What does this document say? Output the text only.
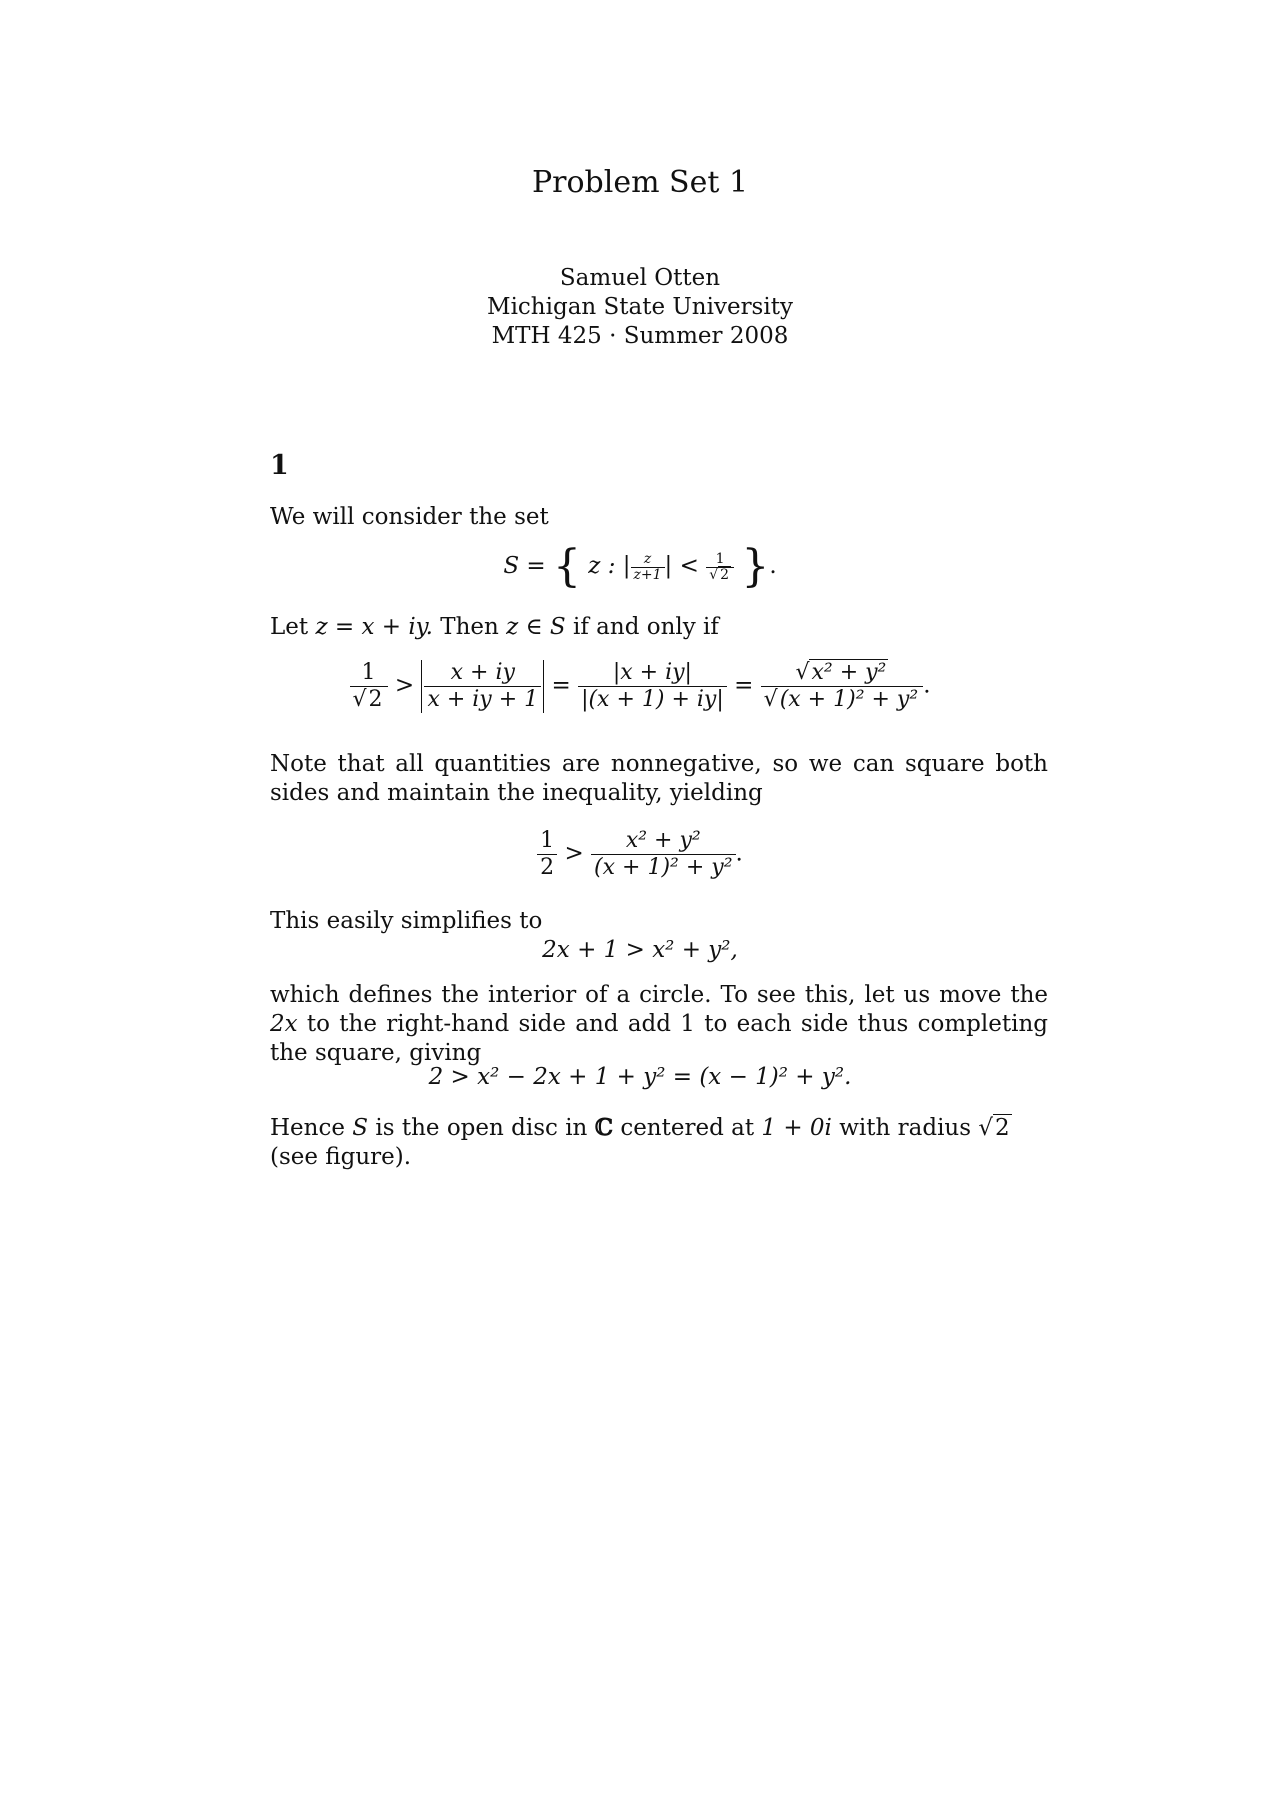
Problem Set 1
Samuel Otten
Michigan State University
MTH 425 · Summer 2008
1
We will consider the set
S = { z : | $\frac{z}{z+1}$ | < $\frac{1}{√ 2}$ }.
Let z = x + iy. Then z ∈ S if and only if
$\frac{1}{√2} > \frac{x + iy}{x + iy + 1} = \frac{|x + iy|}{|(x + 1) + iy|} = \frac{\text{√x² + y²}}{\text{√(x + 1)² + y²}}$ .
Note that all quantities are nonnegative, so we can square both sides and maintain the inequality, yielding
$\frac{1}{2} > \frac{\text{x² + y²}}{\text{(x + 1)² + y²}}$ .
This easily simplifies to
2x + 1 > x² + y²,
which defines the interior of a circle. To see this, let us move the 2x to the right-hand side and add 1 to each side thus completing the square, giving
2 > x² − 2x + 1 + y² = (x − 1)² + y².
Hence S is the open disc in ℂ centered at 1 + 0i with radius √2 (see figure).
